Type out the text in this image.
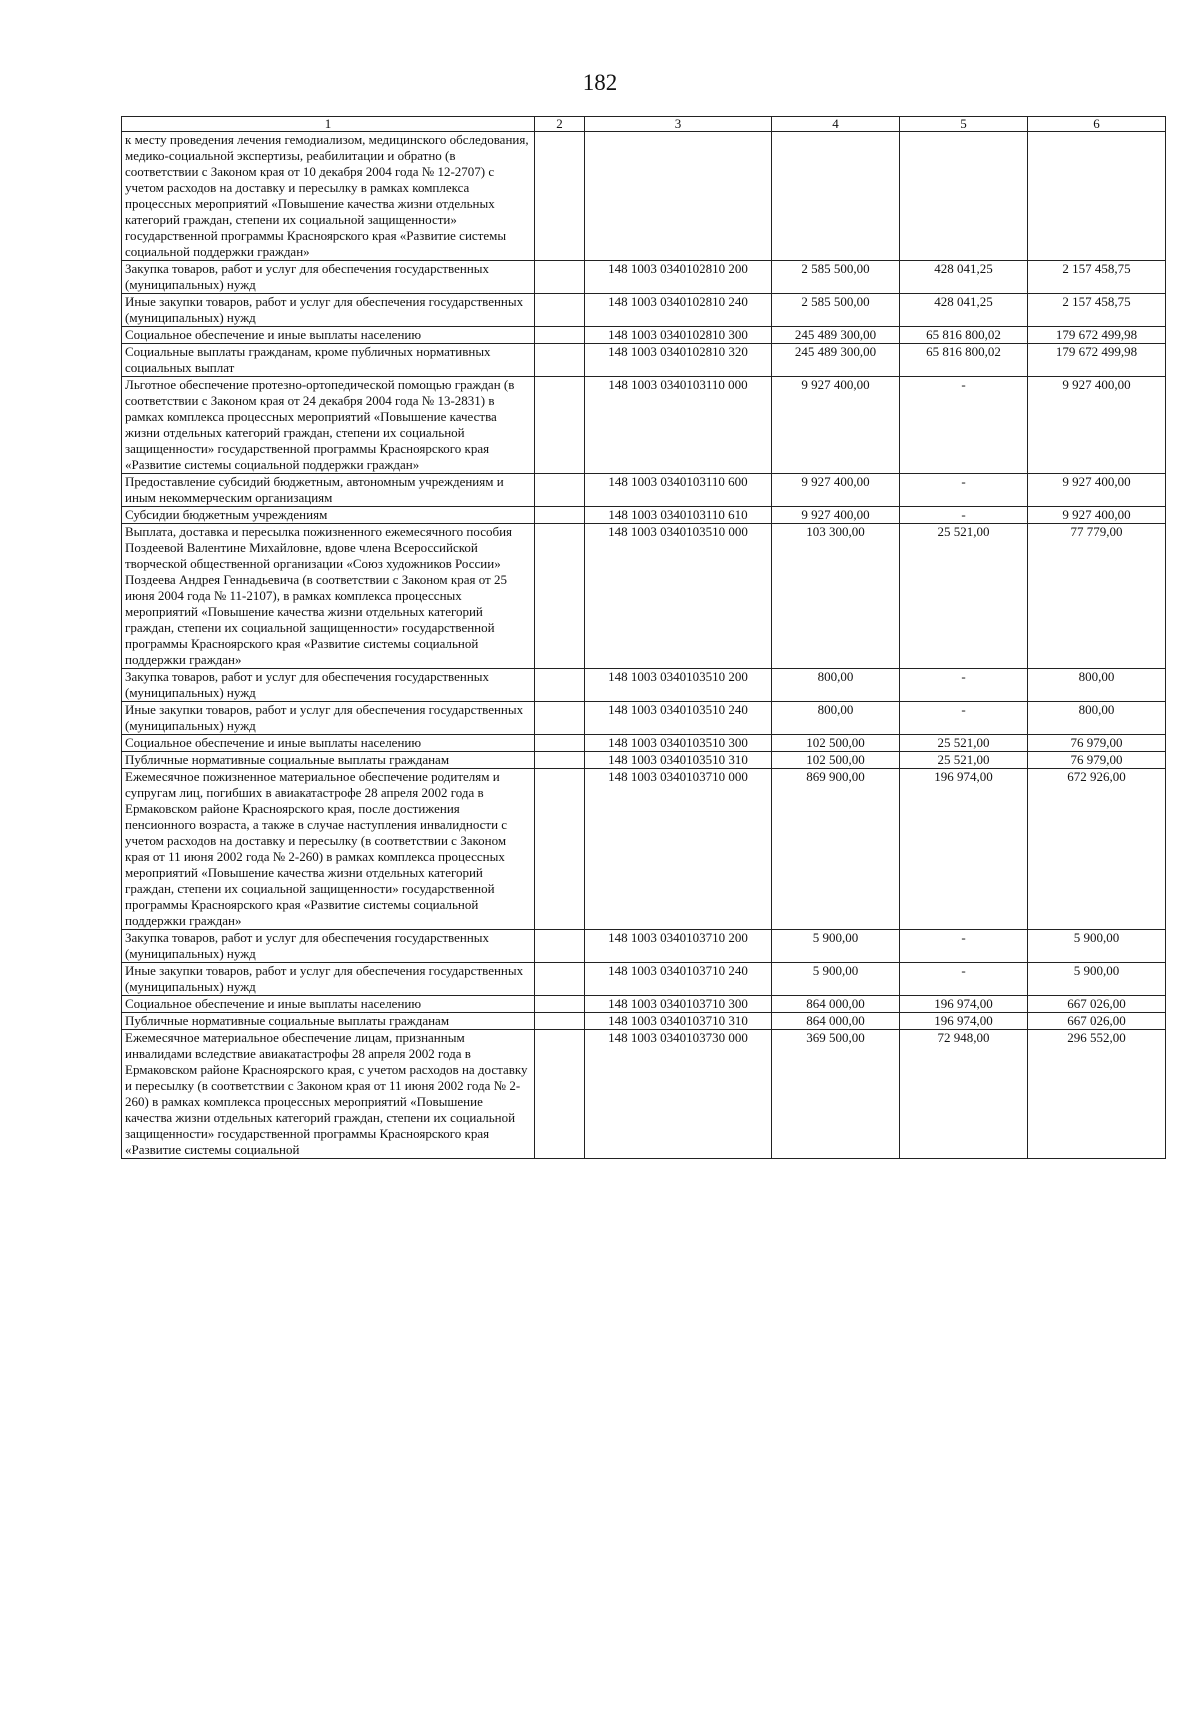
182
1	2	3	4	5	6
к месту проведения лечения гемодиализом, медицинского обследования, медико-социальной экспертизы, реабилитации и обратно (в соответствии с Законом края от 10 декабря 2004 года № 12-2707) с учетом расходов на доставку и пересылку в рамках комплекса процессных мероприятий «Повышение качества жизни отдельных категорий граждан, степени их социальной защищенности» государственной программы Красноярского края «Развитие системы социальной поддержки граждан»					
Закупка товаров, работ и услуг для обеспечения государственных (муниципальных) нужд		148 1003 0340102810 200	2 585 500,00	428 041,25	2 157 458,75
Иные закупки товаров, работ и услуг для обеспечения государственных (муниципальных) нужд		148 1003 0340102810 240	2 585 500,00	428 041,25	2 157 458,75
Социальное обеспечение и иные выплаты населению		148 1003 0340102810 300	245 489 300,00	65 816 800,02	179 672 499,98
Социальные выплаты гражданам, кроме публичных нормативных социальных выплат		148 1003 0340102810 320	245 489 300,00	65 816 800,02	179 672 499,98
Льготное обеспечение протезно-ортопедической помощью граждан (в соответствии с Законом края от 24 декабря 2004 года № 13-2831) в рамках комплекса процессных мероприятий «Повышение качества жизни отдельных категорий граждан, степени их социальной защищенности» государственной программы Красноярского края «Развитие системы социальной поддержки граждан»		148 1003 0340103110 000	9 927 400,00	-	9 927 400,00
Предоставление субсидий бюджетным, автономным учреждениям и иным некоммерческим организациям		148 1003 0340103110 600	9 927 400,00	-	9 927 400,00
Субсидии бюджетным учреждениям		148 1003 0340103110 610	9 927 400,00	-	9 927 400,00
Выплата, доставка и пересылка пожизненного ежемесячного пособия Поздеевой Валентине Михайловне, вдове члена Всероссийской творческой общественной организации «Союз художников России» Поздеева Андрея Геннадьевича (в соответствии с Законом края от 25 июня 2004 года № 11-2107), в рамках комплекса процессных мероприятий «Повышение качества жизни отдельных категорий граждан, степени их социальной защищенности» государственной программы Красноярского края «Развитие системы социальной поддержки граждан»		148 1003 0340103510 000	103 300,00	25 521,00	77 779,00
Закупка товаров, работ и услуг для обеспечения государственных (муниципальных) нужд		148 1003 0340103510 200	800,00	-	800,00
Иные закупки товаров, работ и услуг для обеспечения государственных (муниципальных) нужд		148 1003 0340103510 240	800,00	-	800,00
Социальное обеспечение и иные выплаты населению		148 1003 0340103510 300	102 500,00	25 521,00	76 979,00
Публичные нормативные социальные выплаты гражданам		148 1003 0340103510 310	102 500,00	25 521,00	76 979,00
Ежемесячное пожизненное материальное обеспечение родителям и супругам лиц, погибших в авиакатастрофе 28 апреля 2002 года в Ермаковском районе Красноярского края, после достижения пенсионного возраста, а также в случае наступления инвалидности с учетом расходов на доставку и пересылку (в соответствии с Законом края от 11 июня 2002 года № 2-260) в рамках комплекса процессных мероприятий «Повышение качества жизни отдельных категорий граждан, степени их социальной защищенности» государственной программы Красноярского края «Развитие системы социальной поддержки граждан»		148 1003 0340103710 000	869 900,00	196 974,00	672 926,00
Закупка товаров, работ и услуг для обеспечения государственных (муниципальных) нужд		148 1003 0340103710 200	5 900,00	-	5 900,00
Иные закупки товаров, работ и услуг для обеспечения государственных (муниципальных) нужд		148 1003 0340103710 240	5 900,00	-	5 900,00
Социальное обеспечение и иные выплаты населению		148 1003 0340103710 300	864 000,00	196 974,00	667 026,00
Публичные нормативные социальные выплаты гражданам		148 1003 0340103710 310	864 000,00	196 974,00	667 026,00
Ежемесячное материальное обеспечение лицам, признанным инвалидами вследствие авиакатастрофы 28 апреля 2002 года в Ермаковском районе Красноярского края, с учетом расходов на доставку и пересылку (в соответствии с Законом края от 11 июня 2002 года № 2-260) в рамках комплекса процессных мероприятий «Повышение качества жизни отдельных категорий граждан, степени их социальной защищенности» государственной программы Красноярского края «Развитие системы социальной		148 1003 0340103730 000	369 500,00	72 948,00	296 552,00
